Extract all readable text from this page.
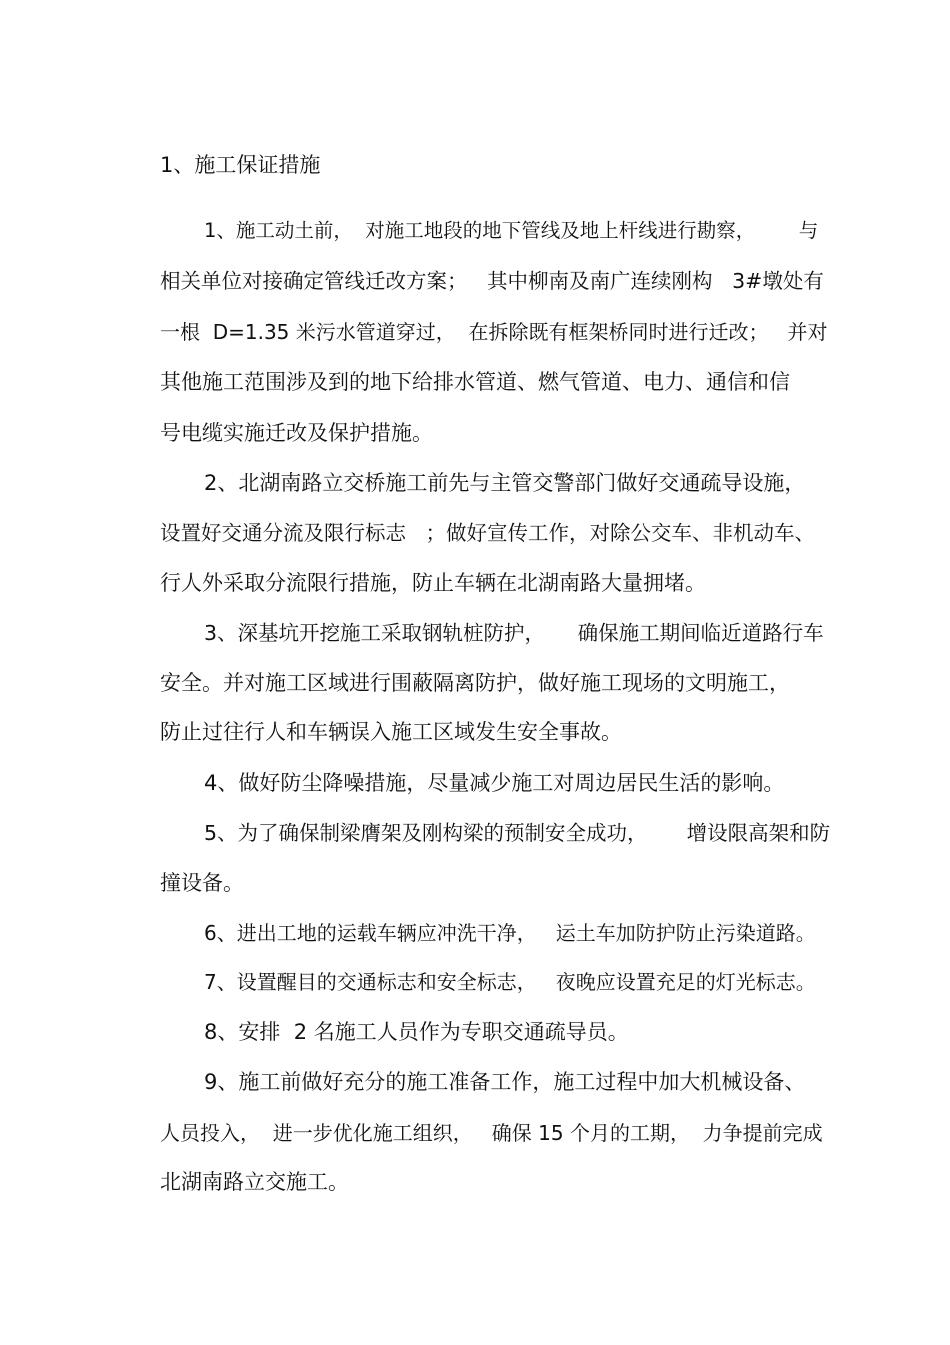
1、施工保证措施

1、施工动土前，  对施工地段的地下管线及地上杆线进行勘察，       与

相关单位对接确定管线迁改方案；   其中柳南及南广连续刚构   3#墩处有

一根  D=1.35 米污水管道穿过，  在拆除既有框架桥同时进行迁改；   并对

其他施工范围涉及到的地下给排水管道、燃气管道、电力、通信和信

号电缆实施迁改及保护措施。

2、北湖南路立交桥施工前先与主管交警部门做好交通疏导设施，

设置好交通分流及限行标志   ；做好宣传工作，对除公交车、非机动车、

行人外采取分流限行措施，防止车辆在北湖南路大量拥堵。

3、深基坑开挖施工采取钢轨桩防护，     确保施工期间临近道路行车

安全。并对施工区域进行围蔽隔离防护，做好施工现场的文明施工，

防止过往行人和车辆误入施工区域发生安全事故。

4、做好防尘降噪措施，尽量减少施工对周边居民生活的影响。

5、为了确保制梁膺架及刚构梁的预制安全成功，      增设限高架和防

撞设备。

6、进出工地的运载车辆应冲洗干净，   运土车加防护防止污染道路。

7、设置醒目的交通标志和安全标志，   夜晚应设置充足的灯光标志。

8、安排  2 名施工人员作为专职交通疏导员。

9、施工前做好充分的施工准备工作，施工过程中加大机械设备、

人员投入，  进一步优化施工组织，   确保 15 个月的工期，  力争提前完成

北湖南路立交施工。
